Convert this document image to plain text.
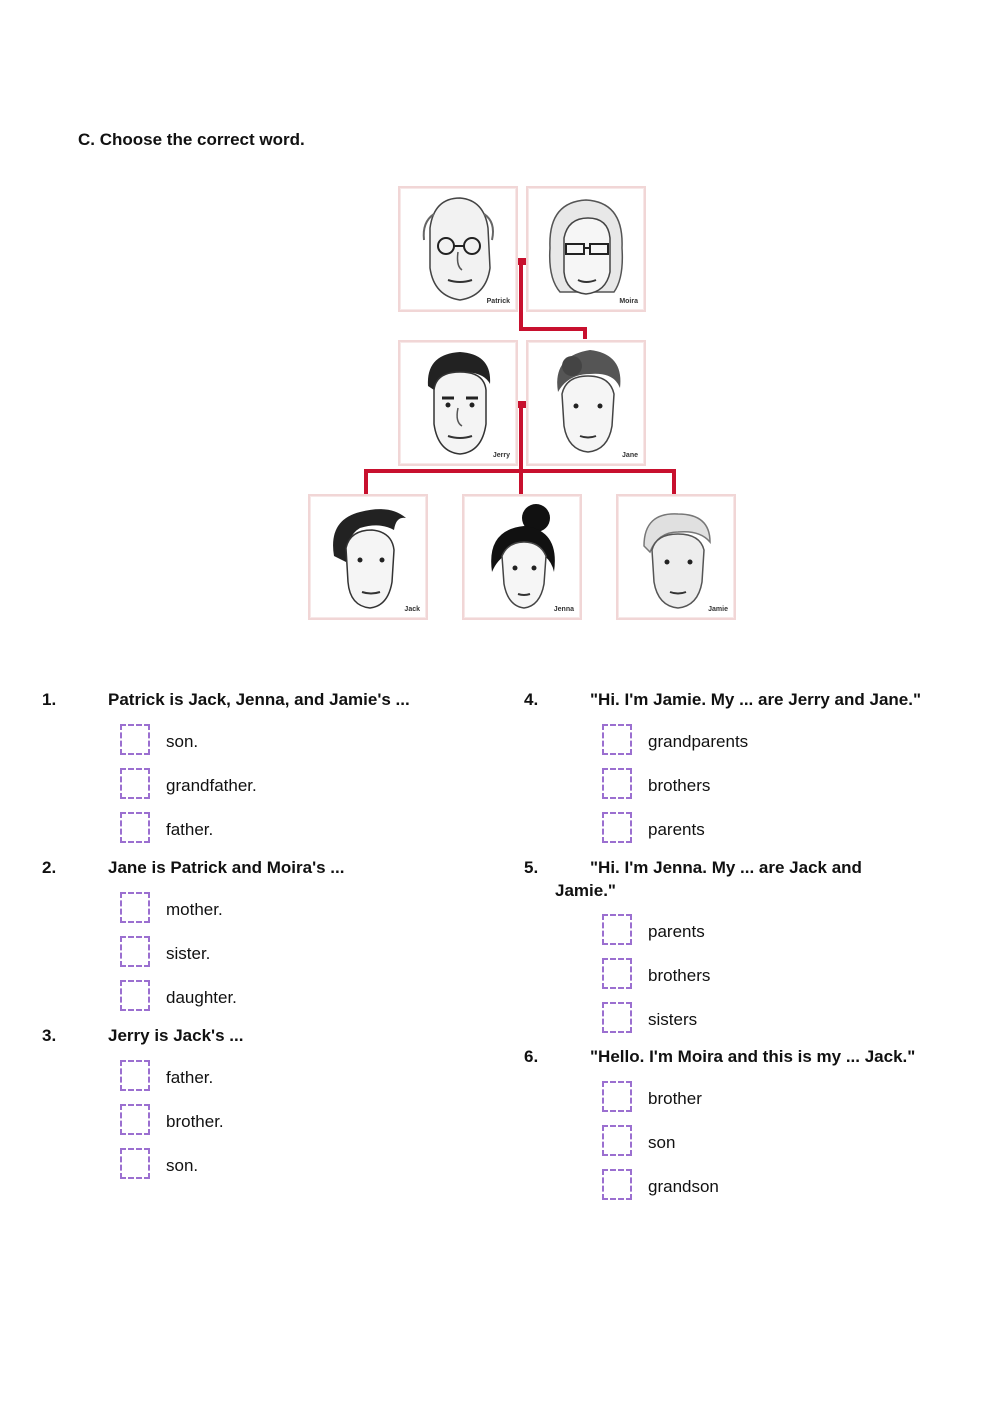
C. Choose the correct word.
Patrick	Moira
Jerry	Jane
Jack	Jenna	Jamie
1.	Patrick is Jack, Jenna, and Jamie's ...
son.
grandfather.
father.
2.	Jane is Patrick and Moira's ...
mother.
sister.
daughter.
3.	Jerry is Jack's ...
father.
brother.
son.
4.	"Hi. I'm Jamie. My ... are Jerry and Jane."
grandparents
brothers
parents
5.	"Hi. I'm Jenna. My ... are Jack and
Jamie."
parents
brothers
sisters
6.	"Hello. I'm Moira and this is my ... Jack."
brother
son
grandson
